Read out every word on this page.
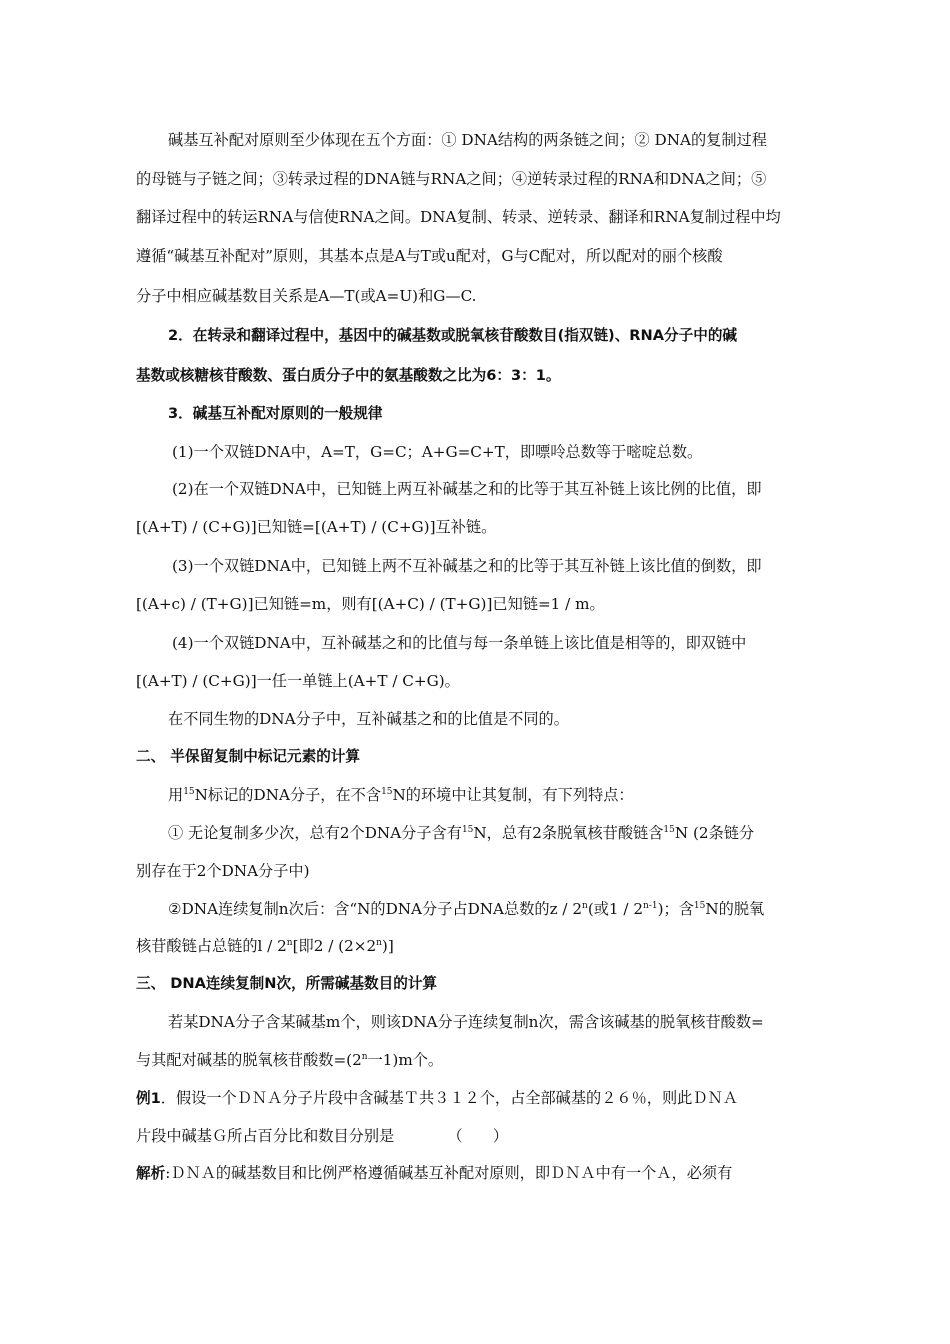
碱基互补配对原则至少体现在五个方面：① DNA结构的两条链之间；② DNA的复制过程
的母链与子链之间；③转录过程的DNA链与RNA之间；④逆转录过程的RNA和DNA之间；⑤
翻译过程中的转运RNA与信使RNA之间。DNA复制、转录、逆转录、翻译和RNA复制过程中均
遵循“碱基互补配对”原则，其基本点是A与T或u配对，G与C配对，所以配对的丽个核酸
分子中相应碱基数目关系是A—T(或A=U)和G—C.
2．在转录和翻译过程中，基因中的碱基数或脱氧核苷酸数目(指双链)、RNA分子中的碱
基数或核糖核苷酸数、蛋白质分子中的氨基酸数之比为6：3：1。
3．碱基互补配对原则的一般规律
(1)一个双链DNA中，A=T，G=C；A+G=C+T，即嘌呤总数等于嘧啶总数。
(2)在一个双链DNA中，已知链上两互补碱基之和的比等于其互补链上该比例的比值，即
[(A+T) / (C+G)]已知链=[(A+T) / (C+G)]互补链。
(3)一个双链DNA中，已知链上两不互补碱基之和的比等于其互补链上该比值的倒数，即
[(A+c) / (T+G)]已知链=m，则有[(A+C) / (T+G)]已知链=1 / m。
(4)一个双链DNA中，互补碱基之和的比值与每一条单链上该比值是相等的，即双链中
[(A+T) / (C+G)]一任一单链上(A+T / C+G)。
在不同生物的DNA分子中，互补碱基之和的比值是不同的。
二、 半保留复制中标记元素的计算
用$^{15}$N标记的DNA分子，在不含$^{15}$N的环境中让其复制，有下列特点：
① 无论复制多少次，总有2个DNA分子含有$^{15}$N，总有2条脱氧核苷酸链含$^{15}$N (2条链分
别存在于2个DNA分子中)
②DNA连续复制n次后：含“N的DNA分子占DNA总数的z / 2$^n$(或1 / 2$^{n-1}$)；含$^{15}$N的脱氧
核苷酸链占总链的l / 2$^n$[即$2 / (2\times 2^n)$]
三、 DNA连续复制N次，所需碱基数目的计算
若某DNA分子含某碱基m个，则该DNA分子连续复制n次，需含该碱基的脱氧核苷酸数=
与其配对碱基的脱氧核苷酸数$=(2^n$一1)m个。
例1．假设一个ＤＮＡ分子片段中含碱基Ｔ共３１２个，占全部碱基的２６％，则此ＤＮＡ
片段中碱基Ｇ所占百分比和数目分别是　　　　（　　）
解析:ＤＮＡ的碱基数目和比例严格遵循碱基互补配对原则，即ＤＮＡ中有一个Ａ，必须有
